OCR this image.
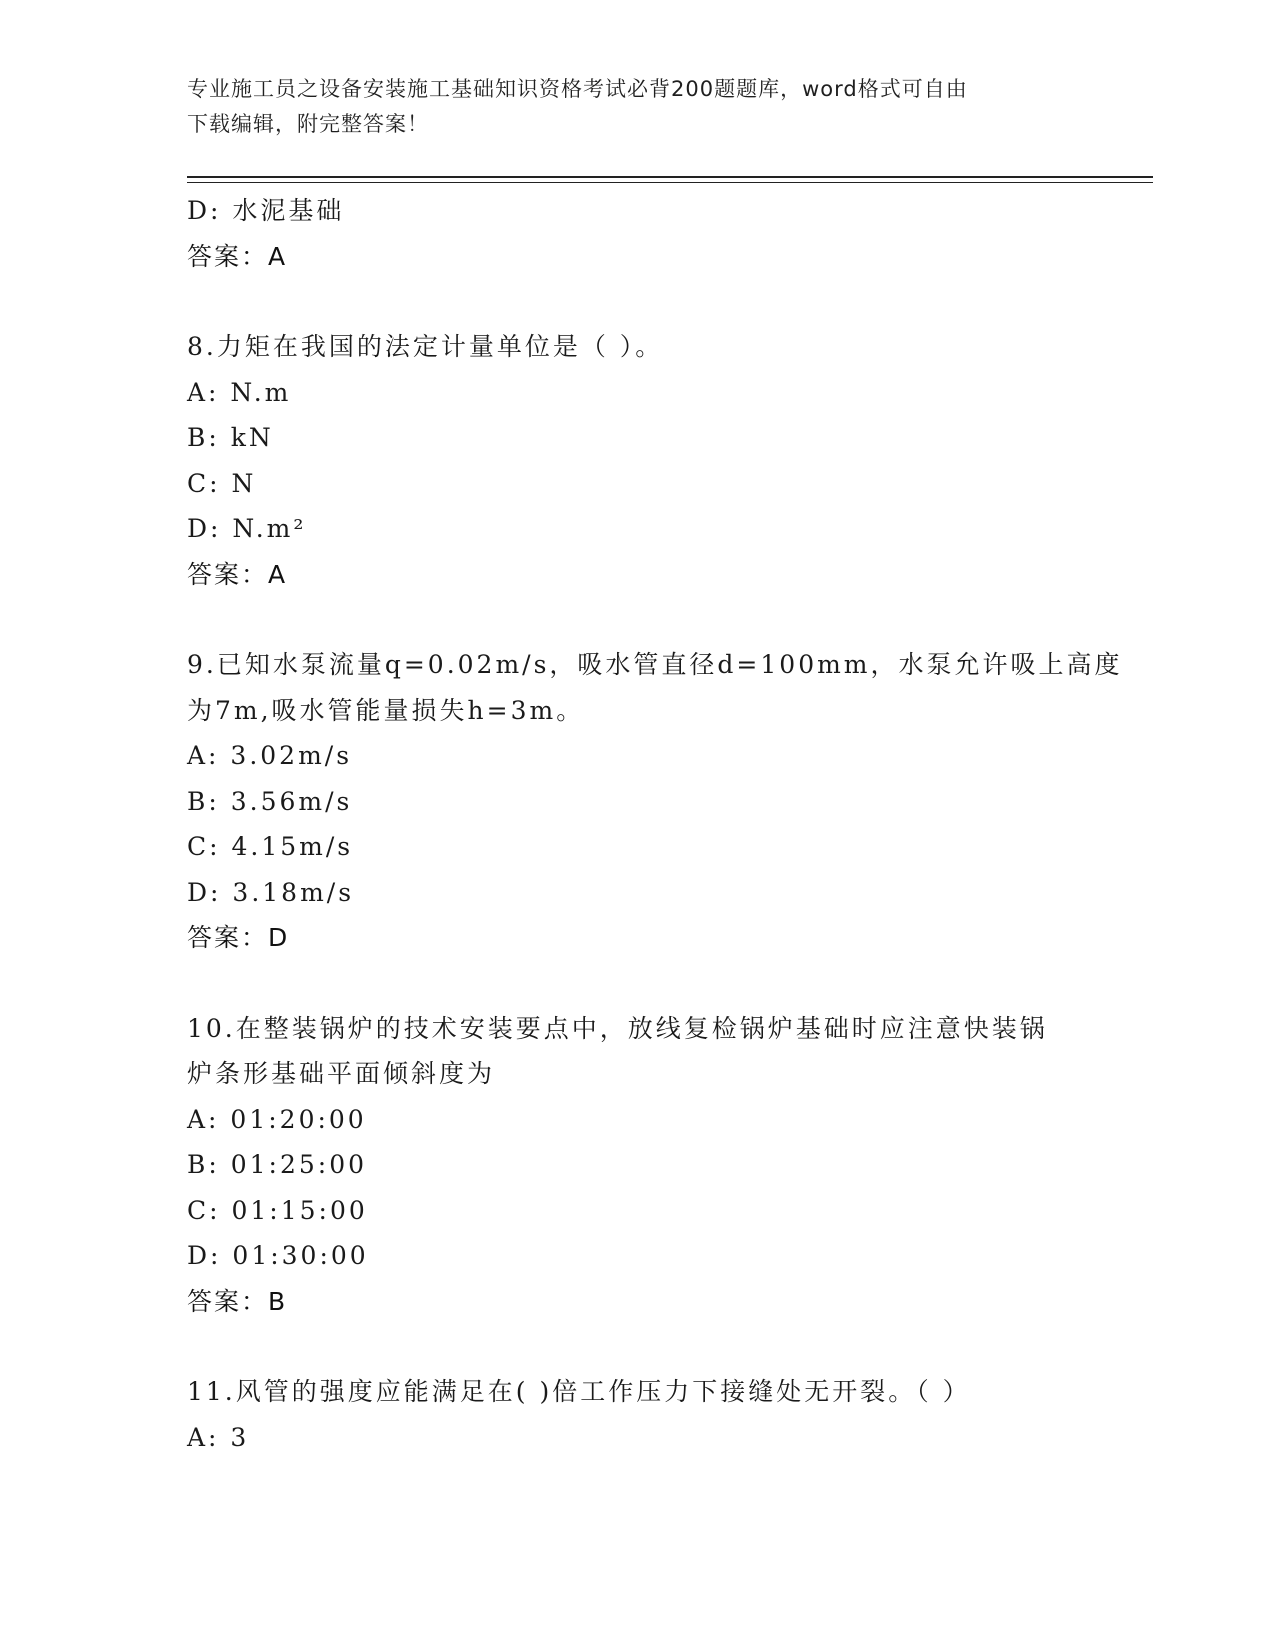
专业施工员之设备安装施工基础知识资格考试必背200题题库，word格式可自由
下载编辑，附完整答案！
D: 水泥基础
答案：A
8.力矩在我国的法定计量单位是（ ）。
A: N.m
B: kN
C: N
D: N.m²
答案：A
9.已知水泵流量q=0.02m/s，吸水管直径d=100mm，水泵允许吸上高度
为7m,吸水管能量损失h=3m。
A: 3.02m/s
B: 3.56m/s
C: 4.15m/s
D: 3.18m/s
答案：D
10.在整装锅炉的技术安装要点中，放线复检锅炉基础时应注意快装锅
炉条形基础平面倾斜度为
A: 01:20:00
B: 01:25:00
C: 01:15:00
D: 01:30:00
答案：B
11.风管的强度应能满足在( )倍工作压力下接缝处无开裂。（ ）
A: 3
